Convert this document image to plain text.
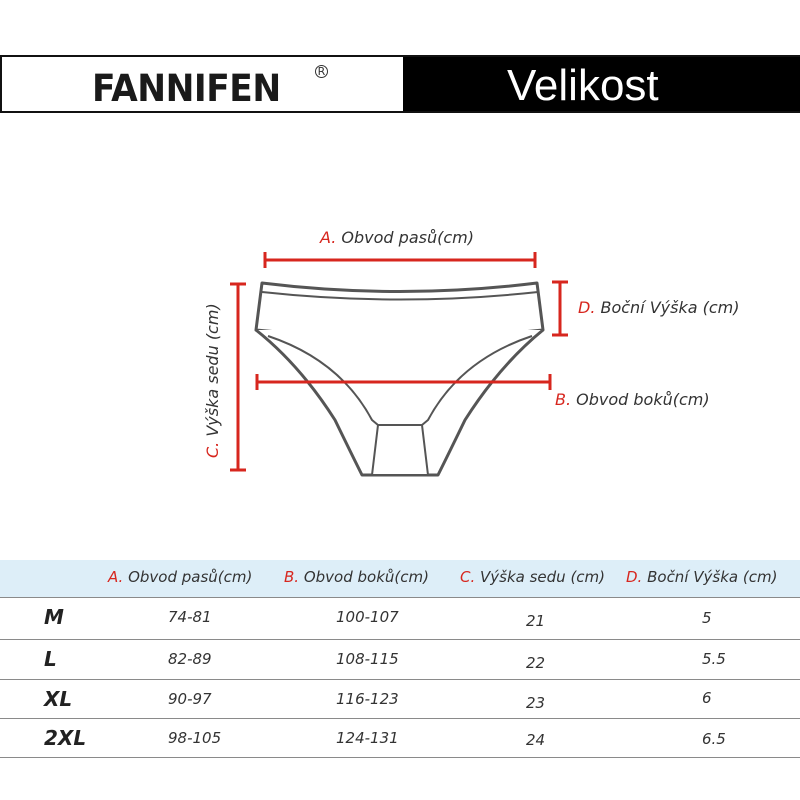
FANNIFEN	R	Velikost
C. Výška sedu (cm)
A. Obvod pasů(cm)
B. Obvod boků(cm)
D. Boční Výška (cm)
A. Obvod pasů(cm) B. Obvod boků(cm) C. Výška sedu (cm) D. Boční Výška (cm)
M	74-81	100-107	21	5
L	82-89	108-115	22	5.5
XL	90-97	116-123	23	6
2XL	98-105	124-131	24	6.5
